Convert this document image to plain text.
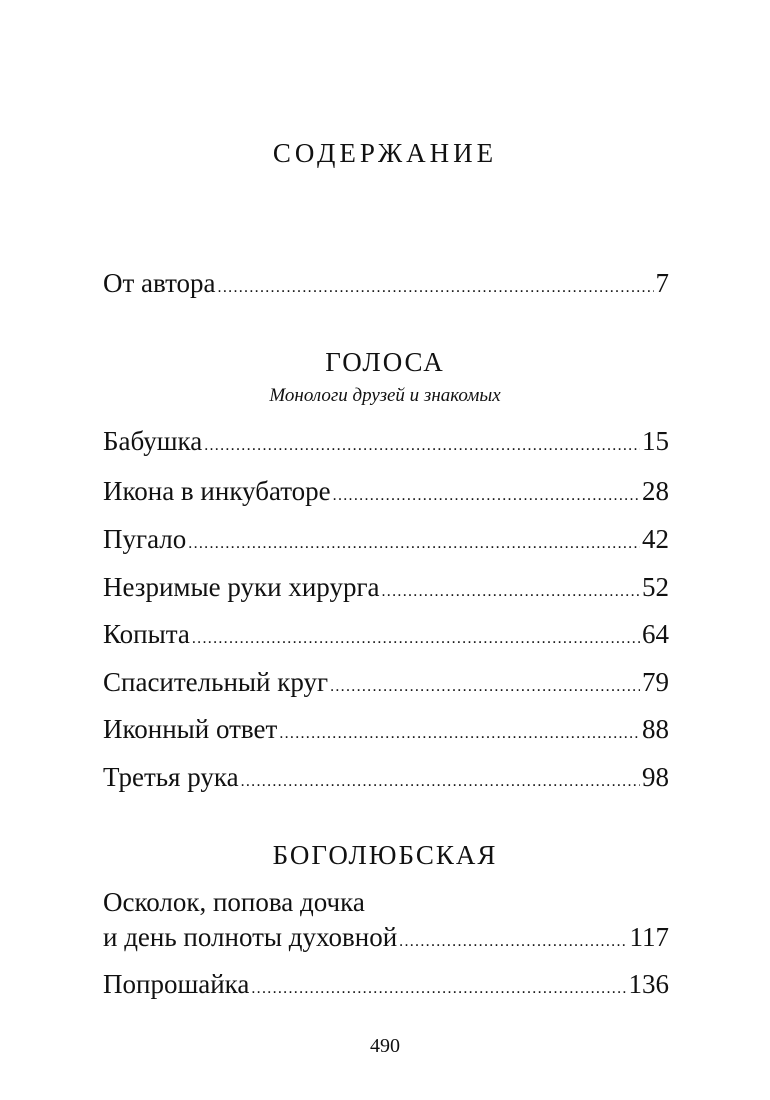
СОДЕРЖАНИЕ
От автора .....	7
ГОЛОСА
Монологи друзей и знакомых
Бабушка .....	15
Икона в инкубаторе .....	28
Пугало .....	42
Незримые руки хирурга .....	52
Копыта .....	64
Спасительный круг .....	79
Иконный ответ .....	88
Третья рука .....	98
БОГОЛЮБСКАЯ
Осколок, попова дочка
и день полноты духовной .....	117
Попрошайка .....	136
490
